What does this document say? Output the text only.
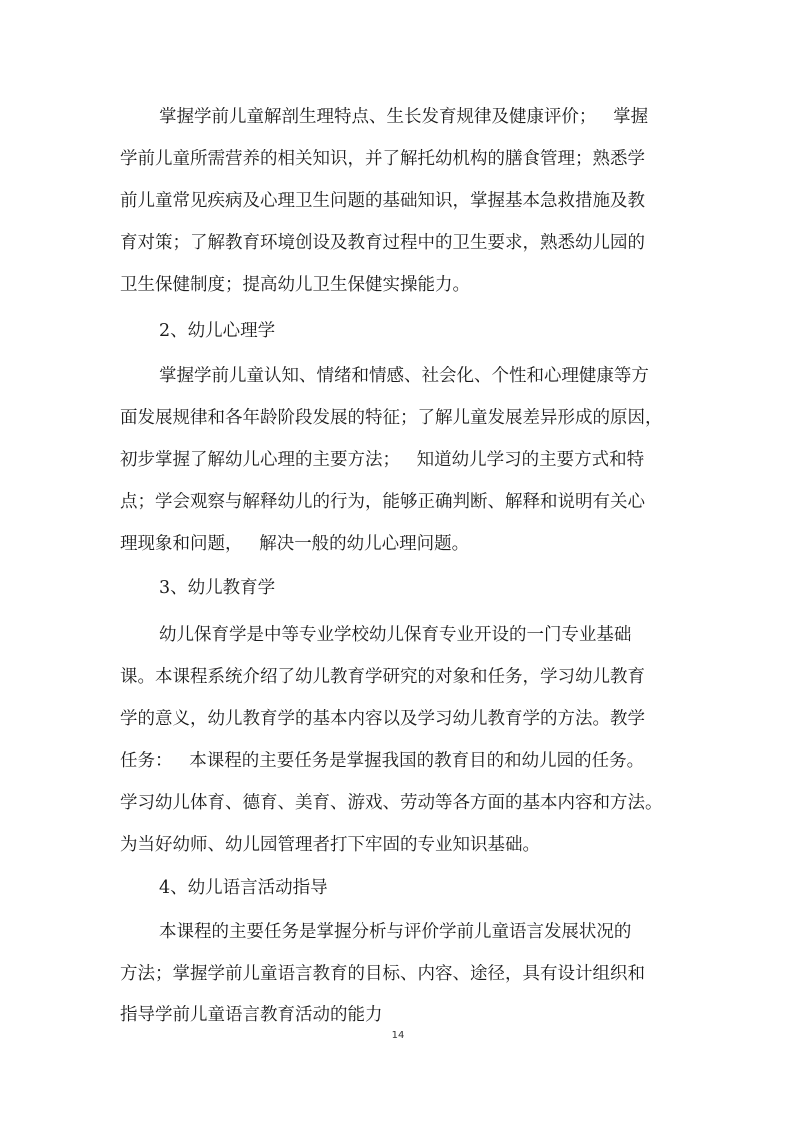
掌握学前儿童解剖生理特点、生长发育规律及健康评价；   掌握
学前儿童所需营养的相关知识，并了解托幼机构的膳食管理；熟悉学
前儿童常见疾病及心理卫生问题的基础知识，掌握基本急救措施及教
育对策；了解教育环境创设及教育过程中的卫生要求，熟悉幼儿园的
卫生保健制度；提高幼儿卫生保健实操能力。
2、幼儿心理学
掌握学前儿童认知、情绪和情感、社会化、个性和心理健康等方
面发展规律和各年龄阶段发展的特征；了解儿童发展差异形成的原因，
初步掌握了解幼儿心理的主要方法；   知道幼儿学习的主要方式和特
点；学会观察与解释幼儿的行为，能够正确判断、解释和说明有关心
理现象和问题，   解决一般的幼儿心理问题。
3、幼儿教育学
幼儿保育学是中等专业学校幼儿保育专业开设的一门专业基础
课。本课程系统介绍了幼儿教育学研究的对象和任务，学习幼儿教育
学的意义，幼儿教育学的基本内容以及学习幼儿教育学的方法。教学
任务：   本课程的主要任务是掌握我国的教育目的和幼儿园的任务。
学习幼儿体育、德育、美育、游戏、劳动等各方面的基本内容和方法。
为当好幼师、幼儿园管理者打下牢固的专业知识基础。
4、幼儿语言活动指导
本课程的主要任务是掌握分析与评价学前儿童语言发展状况的
方法；掌握学前儿童语言教育的目标、内容、途径，具有设计组织和
指导学前儿童语言教育活动的能力
14
